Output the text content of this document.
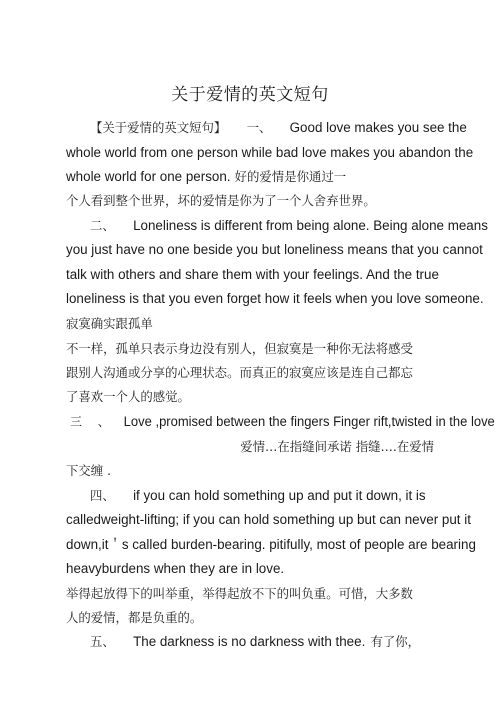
关于爱情的英文短句
【关于爱情的英文短句】 一、 Good love makes you see the
whole world from one person while bad love makes you abandon the
whole world for one person. 好的爱情是你通过一
个人看到整个世界，坏的爱情是你为了一个人舍弃世界。
二、 Loneliness is different from being alone. Being alone means
you just have no one beside you but loneliness means that you cannot
talk with others and share them with your feelings. And the true
loneliness is that you even forget how it feels when you love someone.
寂寞确实跟孤单
不一样，孤单只表示身边没有别人，但寂寞是一种你无法将感受
跟别人沟通或分享的心理状态。而真正的寂寞应该是连自己都忘
了喜欢一个人的感觉。
三 、 Love ,promised between the fingers Finger rift,twisted in the love
爱情…在指缝间承诺 指缝….在爱情
下交缠 .
四、 if you can hold something up and put it down, it is
calledweight-lifting; if you can hold something up but can never put it
down,it＇s called burden-bearing. pitifully, most of people are bearing
heavyburdens when they are in love.
举得起放得下的叫举重，举得起放不下的叫负重。可惜，大多数
人的爱情，都是负重的。
五、 The darkness is no darkness with thee. 有了你，
